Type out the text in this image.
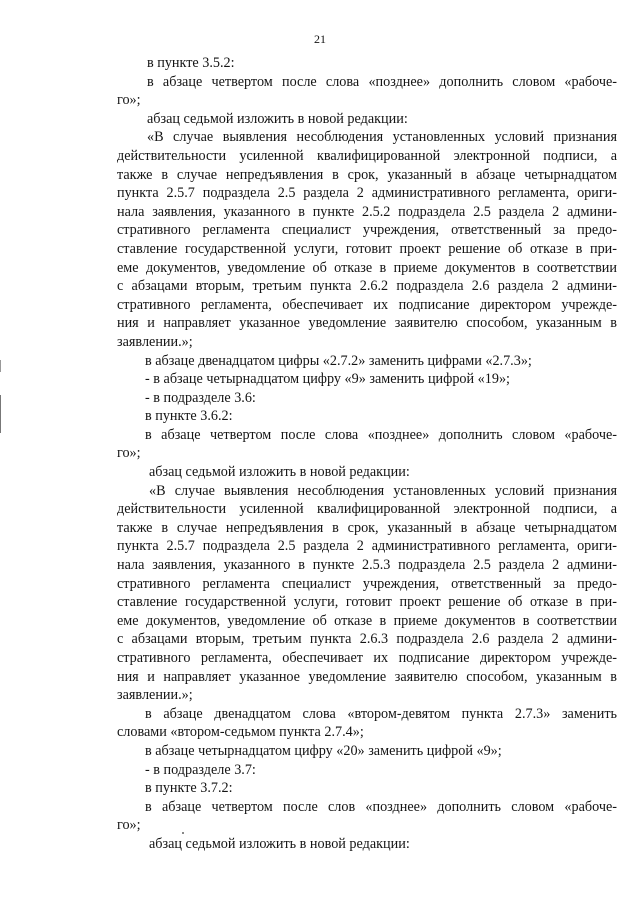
21
в пункте 3.5.2:
в абзаце четвертом после слова «позднее» дополнить словом «рабоче-
го»;
абзац седьмой изложить в новой редакции:
«В случае выявления несоблюдения установленных условий признания
действительности усиленной квалифицированной электронной подписи, а
также в случае непредъявления в срок, указанный в абзаце четырнадцатом
пункта 2.5.7 подраздела 2.5 раздела 2 административного регламента, ориги-
нала заявления, указанного в пункте 2.5.2 подраздела 2.5 раздела 2 админи-
стративного регламента специалист учреждения, ответственный за предо-
ставление государственной услуги, готовит проект решение об отказе в при-
еме документов, уведомление об отказе в приеме документов в соответствии
с абзацами вторым, третьим пункта 2.6.2 подраздела 2.6 раздела 2 админи-
стративного регламента, обеспечивает их подписание директором учрежде-
ния и направляет указанное уведомление заявителю способом, указанным в
заявлении.»;
в абзаце двенадцатом цифры «2.7.2» заменить цифрами «2.7.3»;
- в абзаце четырнадцатом цифру «9» заменить цифрой «19»;
- в подразделе 3.6:
в пункте 3.6.2:
в абзаце четвертом после слова «позднее» дополнить словом «рабоче-
го»;
абзац седьмой изложить в новой редакции:
«В случае выявления несоблюдения установленных условий признания
действительности усиленной квалифицированной электронной подписи, а
также в случае непредъявления в срок, указанный в абзаце четырнадцатом
пункта 2.5.7 подраздела 2.5 раздела 2 административного регламента, ориги-
нала заявления, указанного в пункте 2.5.3 подраздела 2.5 раздела 2 админи-
стративного регламента специалист учреждения, ответственный за предо-
ставление государственной услуги, готовит проект решение об отказе в при-
еме документов, уведомление об отказе в приеме документов в соответствии
с абзацами вторым, третьим пункта 2.6.3 подраздела 2.6 раздела 2 админи-
стративного регламента, обеспечивает их подписание директором учрежде-
ния и направляет указанное уведомление заявителю способом, указанным в
заявлении.»;
в абзаце двенадцатом слова «втором-девятом пункта 2.7.3» заменить
словами «втором-седьмом пункта 2.7.4»;
в абзаце четырнадцатом цифру «20» заменить цифрой «9»;
- в подразделе 3.7:
в пункте 3.7.2:
в абзаце четвертом после слов «позднее» дополнить словом «рабоче-
го»;
абзац седьмой изложить в новой редакции:
